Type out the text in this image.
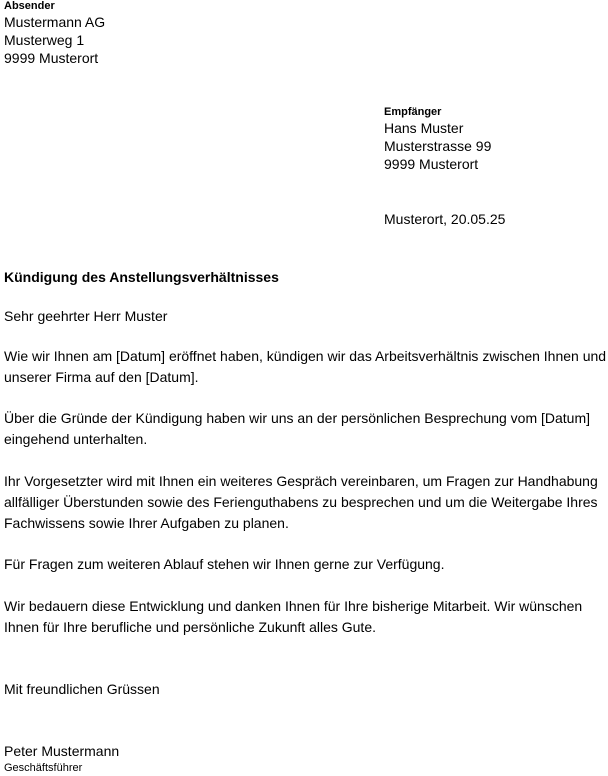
Absender
Mustermann AG
Musterweg 1
9999 Musterort
Empfänger
Hans Muster
Musterstrasse 99
9999 Musterort
Musterort, 20.05.25
Kündigung des Anstellungsverhältnisses

Sehr geehrter Herr Muster

Wie wir Ihnen am [Datum] eröffnet haben, kündigen wir das Arbeitsverhältnis zwischen Ihnen und unserer Firma auf den [Datum].

Über die Gründe der Kündigung haben wir uns an der persönlichen Besprechung vom [Datum] eingehend unterhalten.

Ihr Vorgesetzter wird mit Ihnen ein weiteres Gespräch vereinbaren, um Fragen zur Handhabung allfälliger Überstunden sowie des Ferienguthabens zu besprechen und um die Weitergabe Ihres Fachwissens sowie Ihrer Aufgaben zu planen.

Für Fragen zum weiteren Ablauf stehen wir Ihnen gerne zur Verfügung.

Wir bedauern diese Entwicklung und danken Ihnen für Ihre bisherige Mitarbeit. Wir wünschen Ihnen für Ihre berufliche und persönliche Zukunft alles Gute.

Mit freundlichen Grüssen

Peter Mustermann
Geschäftsführer
